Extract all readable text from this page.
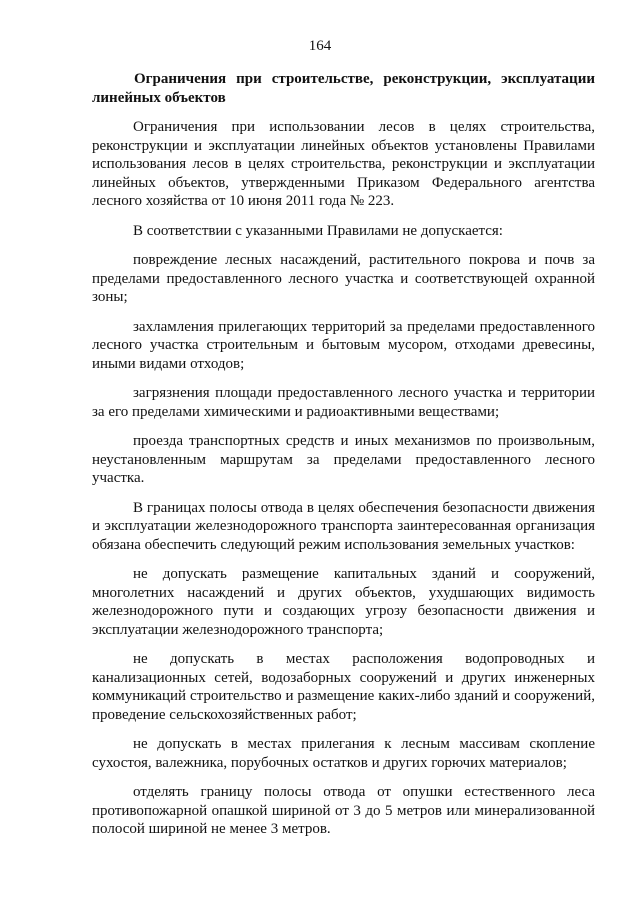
164
Ограничения при строительстве, реконструкции, эксплуатации линейных объектов

Ограничения при использовании лесов в целях строительства, реконструкции и эксплуатации линейных объектов установлены Правилами использования лесов в целях строительства, реконструкции и эксплуатации линейных объектов, утвержденными Приказом Федерального агентства лесного хозяйства от 10 июня 2011 года № 223.

В соответствии с указанными Правилами не допускается:

повреждение лесных насаждений, растительного покрова и почв за пределами предоставленного лесного участка и соответствующей охранной зоны;

захламления прилегающих территорий за пределами предоставленного лесного участка строительным и бытовым мусором, отходами древесины, иными видами отходов;

загрязнения площади предоставленного лесного участка и территории за его пределами химическими и радиоактивными веществами;

проезда транспортных средств и иных механизмов по произвольным, неустановленным маршрутам за пределами предоставленного лесного участка.

В границах полосы отвода в целях обеспечения безопасности движения и эксплуатации железнодорожного транспорта заинтересованная организация обязана обеспечить следующий режим использования земельных участков:

не допускать размещение капитальных зданий и сооружений, многолетних насаждений и других объектов, ухудшающих видимость железнодорожного пути и создающих угрозу безопасности движения и эксплуатации железнодорожного транспорта;

не допускать в местах расположения водопроводных и канализационных сетей, водозаборных сооружений и других инженерных коммуникаций строительство и размещение каких-либо зданий и сооружений, проведение сельскохозяйственных работ;

не допускать в местах прилегания к лесным массивам скопление сухостоя, валежника, порубочных остатков и других горючих материалов;

отделять границу полосы отвода от опушки естественного леса противопожарной опашкой шириной от 3 до 5 метров или минерализованной полосой шириной не менее 3 метров.
